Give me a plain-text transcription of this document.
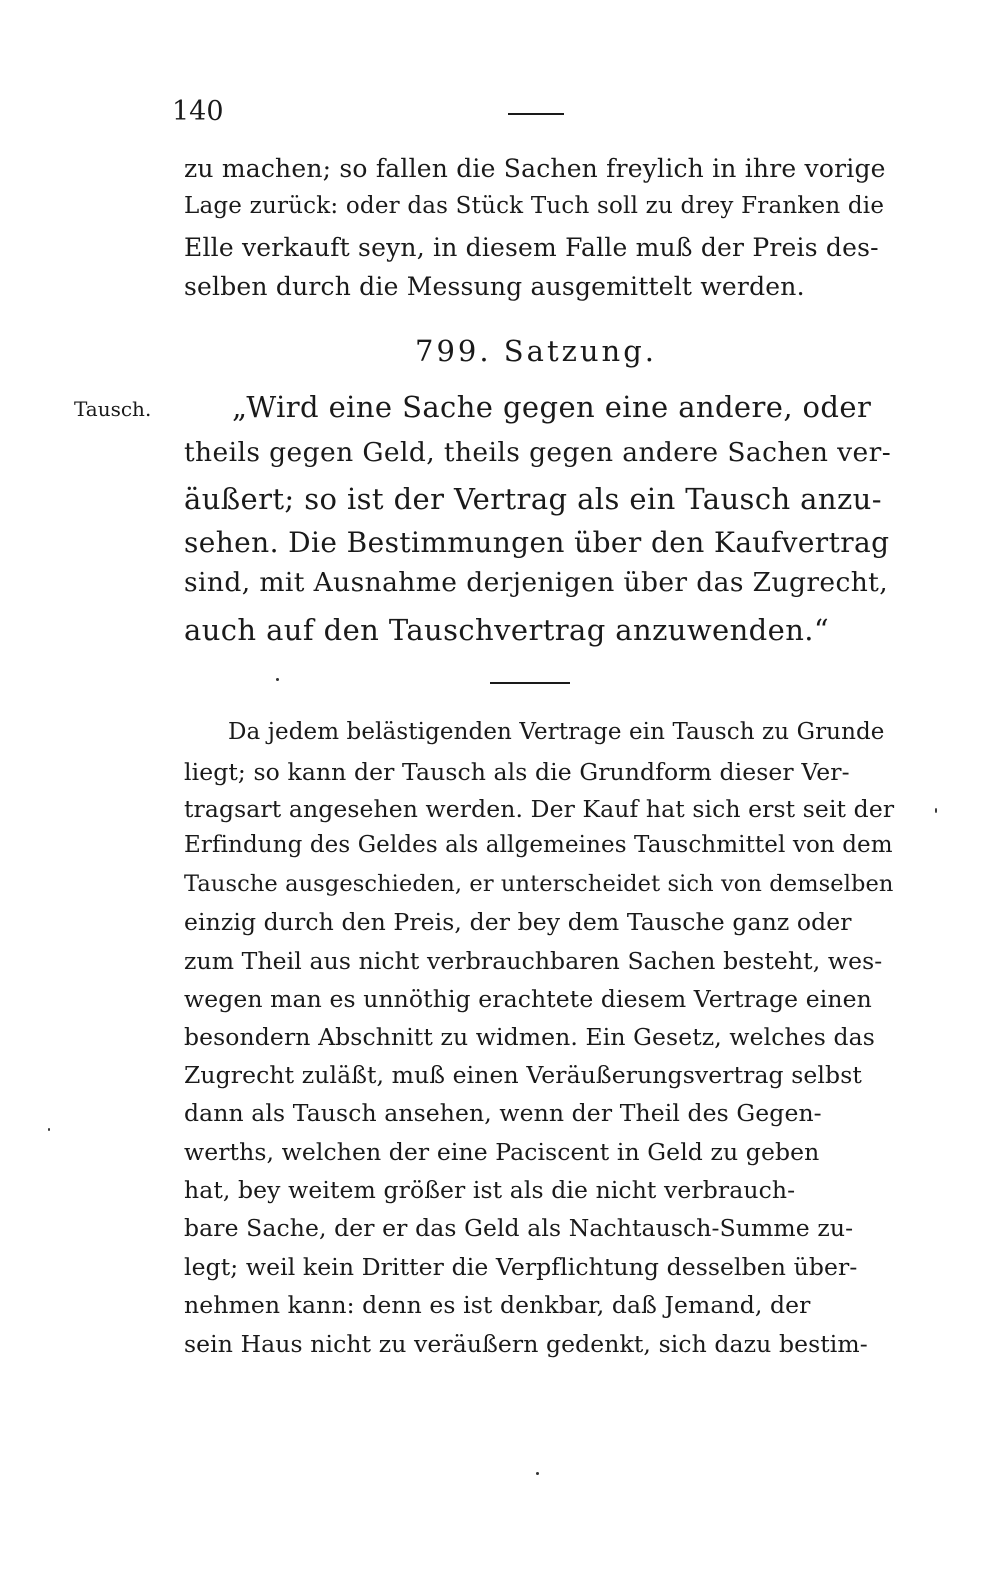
140

zu machen; so fallen die Sachen freylich in ihre vorige

Lage zurück: oder das Stück Tuch soll zu drey Franken die

Elle verkauft seyn, in diesem Falle muß der Preis des-

selben durch die Messung ausgemittelt werden.

799. Satzung.
Tausch.	„Wird eine Sache gegen eine andere, oder

theils gegen Geld, theils gegen andere Sachen ver-

äußert; so ist der Vertrag als ein Tausch anzu-

sehen. Die Bestimmungen über den Kaufvertrag

sind, mit Ausnahme derjenigen über das Zugrecht,

auch auf den Tauschvertrag anzuwenden.“

Da jedem belästigenden Vertrage ein Tausch zu Grunde

liegt; so kann der Tausch als die Grundform dieser Ver-

tragsart angesehen werden. Der Kauf hat sich erst seit der

Erfindung des Geldes als allgemeines Tauschmittel von dem

Tausche ausgeschieden, er unterscheidet sich von demselben

einzig durch den Preis, der bey dem Tausche ganz oder

zum Theil aus nicht verbrauchbaren Sachen besteht, wes-

wegen man es unnöthig erachtete diesem Vertrage einen

besondern Abschnitt zu widmen. Ein Gesetz, welches das

Zugrecht zuläßt, muß einen Veräußerungsvertrag selbst

dann als Tausch ansehen, wenn der Theil des Gegen-

werths, welchen der eine Paciscent in Geld zu geben

hat, bey weitem größer ist als die nicht verbrauch-

bare Sache, der er das Geld als Nachtausch-Summe zu-

legt; weil kein Dritter die Verpflichtung desselben über-

nehmen kann: denn es ist denkbar, daß Jemand, der

sein Haus nicht zu veräußern gedenkt, sich dazu bestim-
